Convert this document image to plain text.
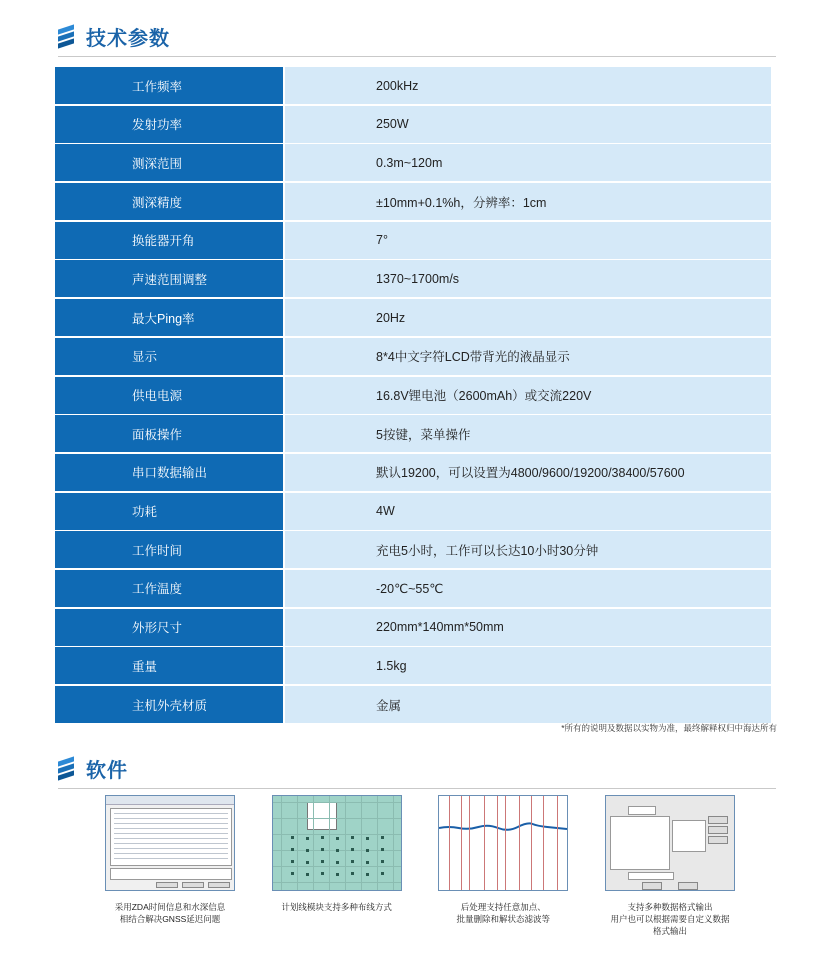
技术参数
工作频率	200kHz
发射功率	250W
测深范围	0.3m~120m
测深精度	±10mm+0.1%h，分辨率：1cm
换能器开角	7°
声速范围调整	1370~1700m/s
最大Ping率	20Hz
显示	8*4中文字符LCD带背光的液晶显示
供电电源	16.8V锂电池（2600mAh）或交流220V
面板操作	5按键，菜单操作
串口数据输出	默认19200，可以设置为4800/9600/19200/38400/57600
功耗	4W
工作时间	充电5小时，工作可以长达10小时30分钟
工作温度	-20℃~55℃
外形尺寸	220mm*140mm*50mm
重量	1.5kg
主机外壳材质	金属
*所有的说明及数据以实物为准，最终解释权归中海达所有
软件
采用ZDA时间信息和水深信息
相结合解决GNSS延迟问题
计划线模块支持多种布线方式	后处理支持任意加点、
批量删除和解状态滤波等
支持多种数据格式输出
用户也可以根据需要自定义数据
格式输出
